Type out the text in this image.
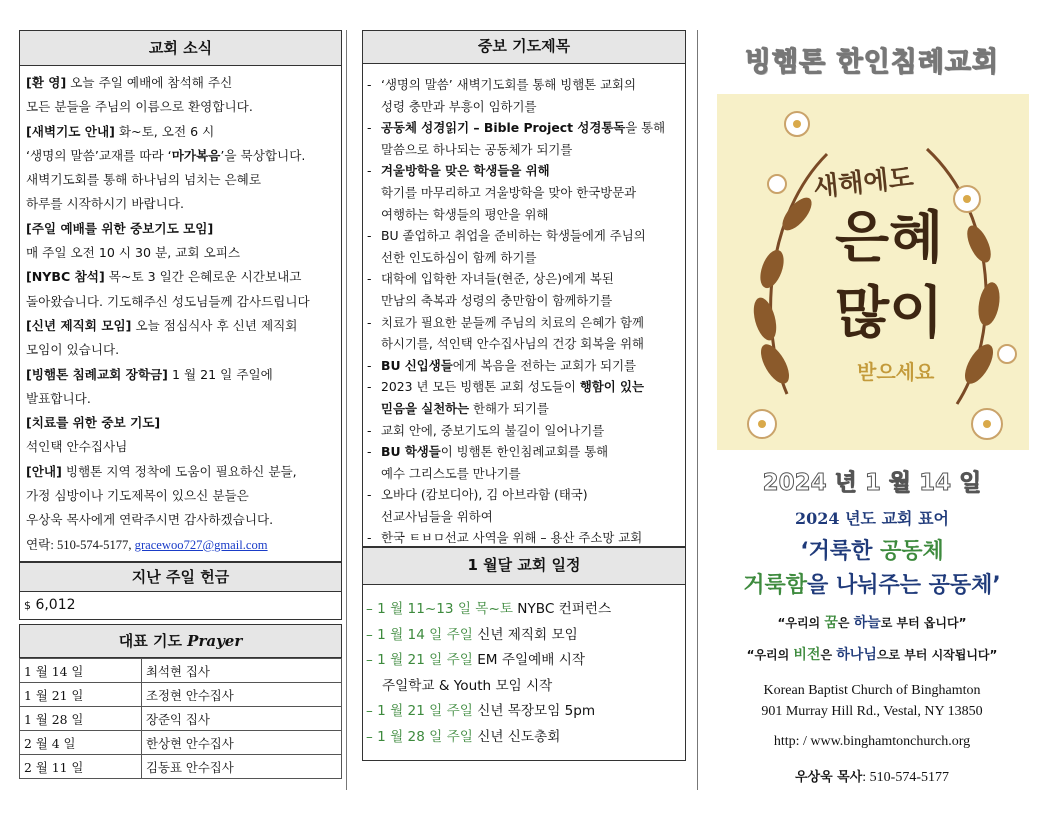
교회 소식

[환 영] 오늘 주일 예배에 참석해 주신

모든 분들을 주님의 이름으로 환영합니다.

[새벽기도 안내] 화~토, 오전 6 시

‘생명의 말씀’교재를 따라 ‘마가복음’을 묵상합니다.

새벽기도회를 통해 하나님의 넘치는 은혜로

하루를 시작하시기 바랍니다.

[주일 예배를 위한 중보기도 모임]

매 주일 오전 10 시 30 분, 교회 오피스

[NYBC 참석] 목~토 3 일간 은혜로운 시간보내고

돌아왔습니다. 기도해주신 성도님들께 감사드립니다

[신년 제직회 모임] 오늘 점심식사 후 신년 제직회

모임이 있습니다.

[빙햄톤 침례교회 장학금] 1 월 21 일 주일에

발표합니다.

[치료를 위한 중보 기도]

석인택 안수집사님

[안내] 빙햄톤 지역 정착에 도움이 필요하신 분들,

가정 심방이나 기도제목이 있으신 분들은

우상욱 목사에게 연락주시면 감사하겠습니다.

연락: 510-574-5177, gracewoo727@gmail.com

지난 주일 헌금
$ 6,012
대표 기도 Prayer
1 월 14 일	최석현 집사
1 월 21 일	조정현 안수집사
1 월 28 일	장준익 집사
2 월 4 일	한상현 안수집사
2 월 11 일	김동표 안수집사
중보 기도제목
- ‘생명의 말씀’ 새벽기도회를 통해 빙햄톤 교회의
성령 충만과 부흥이 임하기를
- 공동체 성경읽기 – Bible Project 성경통독을 통해
말씀으로 하나되는 공동체가 되기를
- 겨울방학을 맞은 학생들을 위해
학기를 마무리하고 겨울방학을 맞아 한국방문과
여행하는 학생들의 평안을 위해
- BU 졸업하고 취업을 준비하는 학생들에게 주님의
선한 인도하심이 함께 하기를
- 대학에 입학한 자녀들(현준, 상은)에게 복된
만남의 축복과 성령의 충만함이 함께하기를
- 치료가 필요한 분들께 주님의 치료의 은혜가 함께
하시기를, 석인택 안수집사님의 건강 회복을 위해
- BU 신입생들에게 복음을 전하는 교회가 되기를
- 2023 년 모든 빙햄톤 교회 성도들이 행함이 있는
믿음을 실천하는 한해가 되기를
- 교회 안에, 중보기도의 불길이 일어나기를
- BU 학생들이 빙햄톤 한인침례교회를 통해
예수 그리스도를 만나기를
- 오바다 (캄보디아), 김 아브라함 (태국)
선교사님들을 위하여
- 한국 ㅌㅂㅁ선교 사역을 위해 – 용산 주소망 교회
1 월달 교회 일정
– 1 월 11~13 일 목~토 NYBC 컨퍼런스
– 1 월 14 일 주일 신년 제직회 모임
– 1 월 21 일 주일 EM 주일예배 시작
주일학교 & Youth 모임 시작
– 1 월 21 일 주일 신년 목장모임 5pm
– 1 월 28 일 주일 신년 신도총회
빙햄톤 한인침례교회
새해에도
은혜
많이
받으세요
2024 년 1 월 14 일
2024 년도 교회 표어
‘거룩한 공동체
거룩함을 나눠주는 공동체’
“우리의 꿈은 하늘로 부터 옵니다”
“우리의 비전은 하나님으로 부터 시작됩니다”
Korean Baptist Church of Binghamton
901 Murray Hill Rd., Vestal, NY 13850
http: / www.binghamtonchurch.org
우상욱 목사: 510-574-5177
